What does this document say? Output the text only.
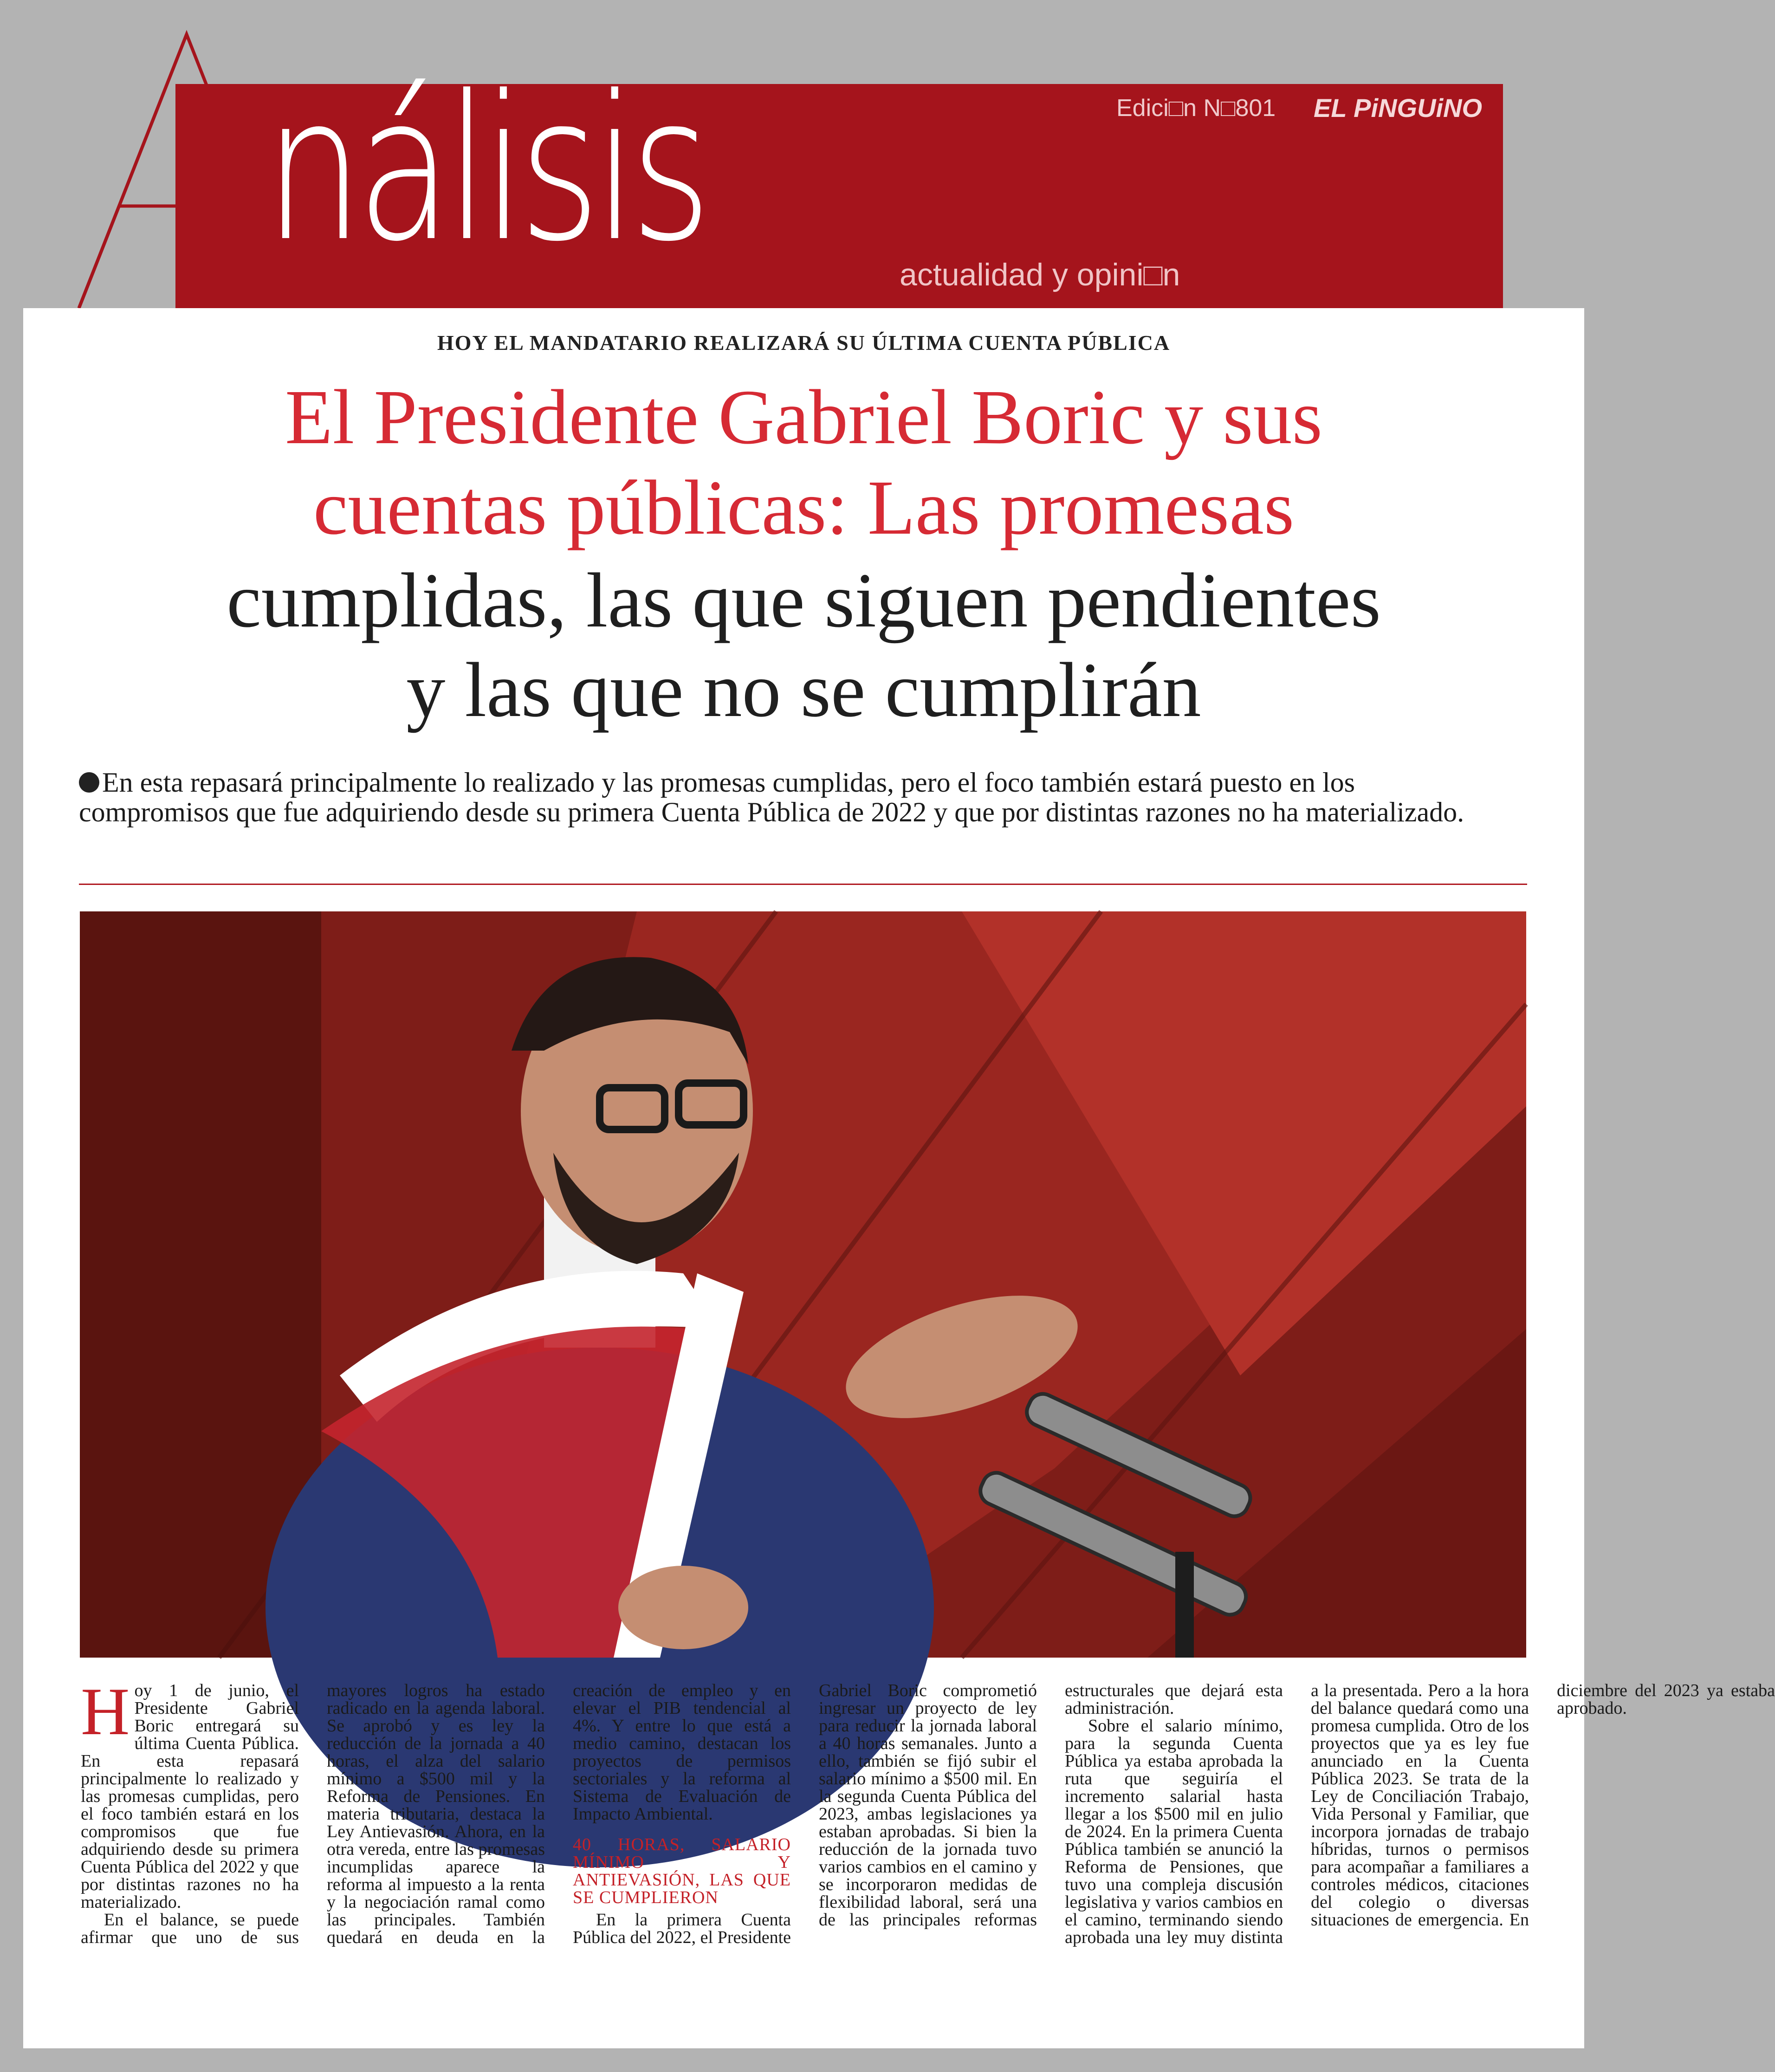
A
nálisis	Edici□n N□801 EL PiNGUiNO
actualidad y opini□n
HOY EL MANDATARIO REALIZARÁ SU ÚLTIMA CUENTA PÚBLICA
El Presidente Gabriel Boric y sus
cuentas públicas: Las promesas
cumplidas, las que siguen pendientes
y las que no se cumplirán
En esta repasará principalmente lo realizado y las promesas cumplidas, pero el foco también estará puesto en los compromisos que fue adquiriendo desde su primera Cuenta Pública de 2022 y que por distintas razones no ha materializado.

Hoy 1 de junio, el Presidente Gabriel Boric entregará su última Cuenta Pública. En esta repasará principalmente lo realizado y las promesas cumplidas, pero el foco también estará en los compromisos que fue adquiriendo desde su primera Cuenta Pública del 2022 y que por distintas razones no ha materializado.

En el balance, se puede afirmar que uno de sus mayores logros ha estado radicado en la agenda laboral. Se aprobó y es ley la reducción de la jornada a 40 horas, el alza del salario mínimo a $500 mil y la Reforma de Pensiones. En materia tributaria, destaca la Ley Antievasión. Ahora, en la otra vereda, entre las promesas incumplidas aparece la reforma al impuesto a la renta y la negociación ramal como las principales. También quedará en deuda en la creación de empleo y en elevar el PIB tendencial al 4%. Y entre lo que está a medio camino, destacan los proyectos de permisos sectoriales y la reforma al Sistema de Evaluación de Impacto Ambiental.

40 HORAS, SALARIO MÍNIMO Y ANTIEVASIÓN, LAS QUE SE CUMPLIERON

En la primera Cuenta Pública del 2022, el Presidente Gabriel Boric comprometió ingresar un proyecto de ley para reducir la jornada laboral a 40 horas semanales. Junto a ello, también se fijó subir el salario mínimo a $500 mil. En la segunda Cuenta Pública del 2023, ambas legislaciones ya estaban aprobadas. Si bien la reducción de la jornada tuvo varios cambios en el camino y se incorporaron medidas de flexibilidad laboral, será una de las principales reformas estructurales que dejará esta administración.

Sobre el salario mínimo, para la segunda Cuenta Pública ya estaba aprobada la ruta que seguiría el incremento salarial hasta llegar a los $500 mil en julio de 2024. En la primera Cuenta Pública también se anunció la Reforma de Pensiones, que tuvo una compleja discusión legislativa y varios cambios en el camino, terminando siendo aprobada una ley muy distinta a la presentada. Pero a la hora del balance quedará como una promesa cumplida. Otro de los proyectos que ya es ley fue anunciado en la Cuenta Pública 2023. Se trata de la Ley de Conciliación Trabajo, Vida Personal y Familiar, que incorpora jornadas de trabajo híbridas, turnos o permisos para acompañar a familiares a controles médicos, citaciones del colegio o diversas situaciones de emergencia. En diciembre del 2023 ya estaba aprobado.
